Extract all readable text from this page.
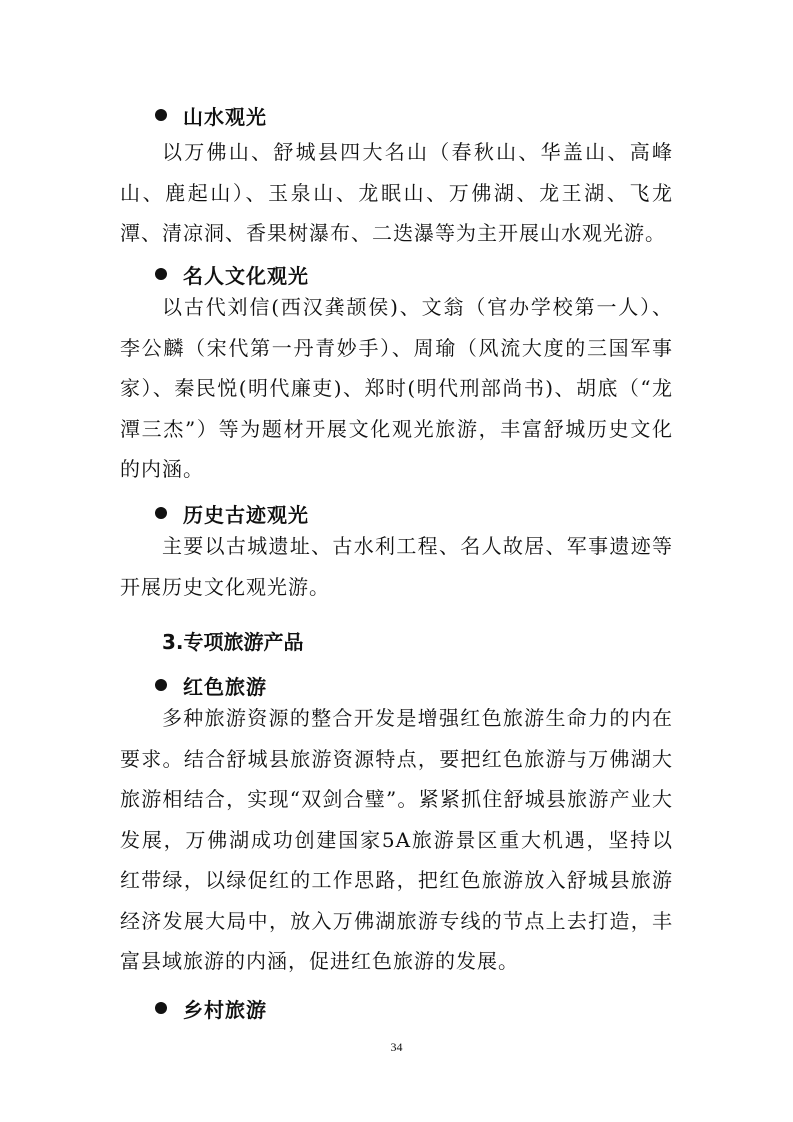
山水观光

以万佛山、舒城县四大名山（春秋山、华盖山、高峰山、鹿起山）、玉泉山、龙眠山、万佛湖、龙王湖、飞龙潭、清凉洞、香果树瀑布、二迭瀑等为主开展山水观光游。

名人文化观光

以古代刘信(西汉龚颉侯)、文翁（官办学校第一人）、李公麟（宋代第一丹青妙手）、周瑜（风流大度的三国军事家）、秦民悦(明代廉吏)、郑时(明代刑部尚书)、胡底（“龙潭三杰”）等为题材开展文化观光旅游，丰富舒城历史文化的内涵。

历史古迹观光

主要以古城遗址、古水利工程、名人故居、军事遗迹等开展历史文化观光游。

3.专项旅游产品
红色旅游

多种旅游资源的整合开发是增强红色旅游生命力的内在要求。结合舒城县旅游资源特点，要把红色旅游与万佛湖大旅游相结合，实现“双剑合璧”。紧紧抓住舒城县旅游产业大发展，万佛湖成功创建国家5A旅游景区重大机遇，坚持以红带绿，以绿促红的工作思路，把红色旅游放入舒城县旅游经济发展大局中，放入万佛湖旅游专线的节点上去打造，丰富县域旅游的内涵，促进红色旅游的发展。

乡村旅游
34
